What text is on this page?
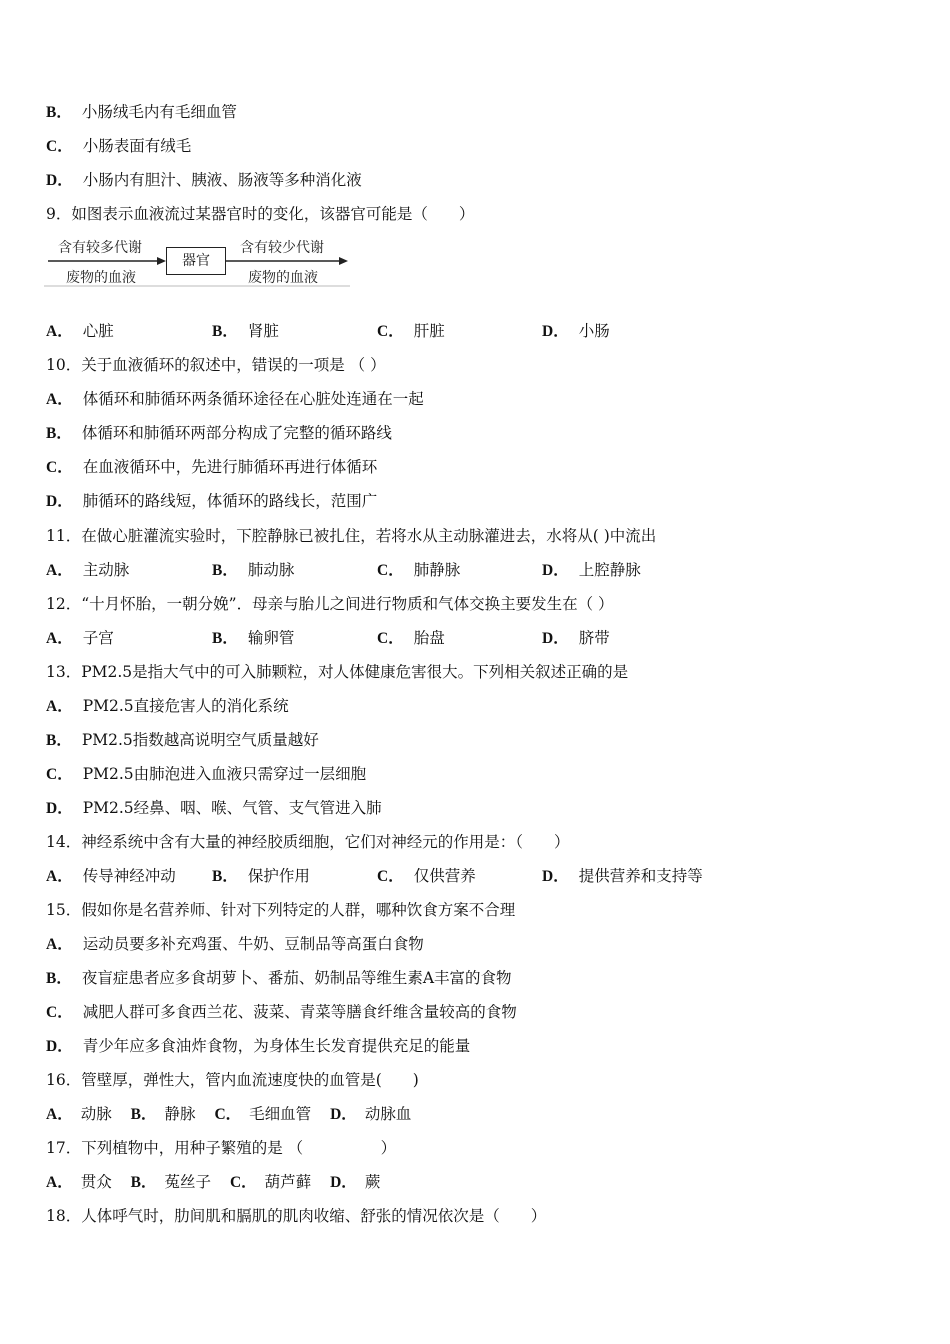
B． 小肠绒毛内有毛细血管
C． 小肠表面有绒毛
D． 小肠内有胆汁、胰液、肠液等多种消化液
9．如图表示血液流过某器官时的变化，该器官可能是（　　）
含有较多代谢
废物的血液
器官
含有较少代谢
废物的血液
A． 心脏	B． 肾脏	C． 肝脏	D． 小肠
10．关于血液循环的叙述中，错误的一项是 （ ）
A． 体循环和肺循环两条循环途径在心脏处连通在一起
B． 体循环和肺循环两部分构成了完整的循环路线
C． 在血液循环中，先进行肺循环再进行体循环
D． 肺循环的路线短，体循环的路线长，范围广
11．在做心脏灌流实验时，下腔静脉已被扎住，若将水从主动脉灌进去，水将从( )中流出
A． 主动脉	B． 肺动脉	C． 肺静脉	D． 上腔静脉
12．“十月怀胎，一朝分娩”．母亲与胎儿之间进行物质和气体交换主要发生在（ ）
A． 子宫	B． 输卵管	C． 胎盘	D． 脐带
13．PM2.5是指大气中的可入肺颗粒，对人体健康危害很大。下列相关叙述正确的是
A． PM2.5直接危害人的消化系统
B． PM2.5指数越高说明空气质量越好
C． PM2.5由肺泡进入血液只需穿过一层细胞
D． PM2.5经鼻、咽、喉、气管、支气管进入肺
14．神经系统中含有大量的神经胶质细胞，它们对神经元的作用是：（　　）
A． 传导神经冲动 B． 保护作用	C． 仅供营养	D． 提供营养和支持等
15．假如你是名营养师、针对下列特定的人群，哪种饮食方案不合理
A． 运动员要多补充鸡蛋、牛奶、豆制品等高蛋白食物
B． 夜盲症患者应多食胡萝卜、番茄、奶制品等维生素A丰富的食物
C． 减肥人群可多食西兰花、菠菜、青菜等膳食纤维含量较高的食物
D． 青少年应多食油炸食物，为身体生长发育提供充足的能量
16．管壁厚，弹性大，管内血流速度快的血管是(　　)
A． 动脉 B． 静脉 C． 毛细血管 D． 动脉血
17．下列植物中，用种子繁殖的是 （　　　　　）
A． 贯众 B． 菟丝子 C． 葫芦藓 D． 蕨
18．人体呼气时，肋间肌和膈肌的肌肉收缩、舒张的情况依次是（　　）
